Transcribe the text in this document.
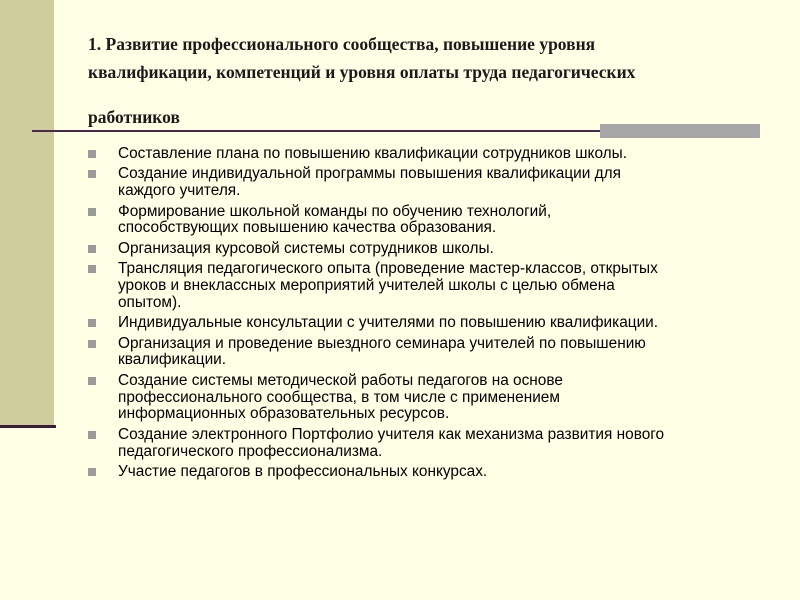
1. Развитие профессионального сообщества, повышение уровня
квалификации, компетенций и уровня оплаты труда педагогических
работников
Составление плана по повышению квалификации сотрудников школы.
Создание индивидуальной программы повышения квалификации для
каждого учителя.
Формирование школьной команды по обучению технологий,
способствующих повышению качества образования.
Организация курсовой системы сотрудников школы.
Трансляция педагогического опыта (проведение мастер-классов, открытых
уроков и внеклассных мероприятий учителей школы с целью обмена
опытом).
Индивидуальные консультации с учителями по повышению квалификации.
Организация и проведение выездного семинара учителей по повышению
квалификации.
Создание системы методической работы педагогов на основе
профессионального сообщества, в том числе с применением
информационных образовательных ресурсов.
Создание электронного Портфолио учителя как механизма развития нового
педагогического профессионализма.
Участие педагогов в профессиональных конкурсах.
